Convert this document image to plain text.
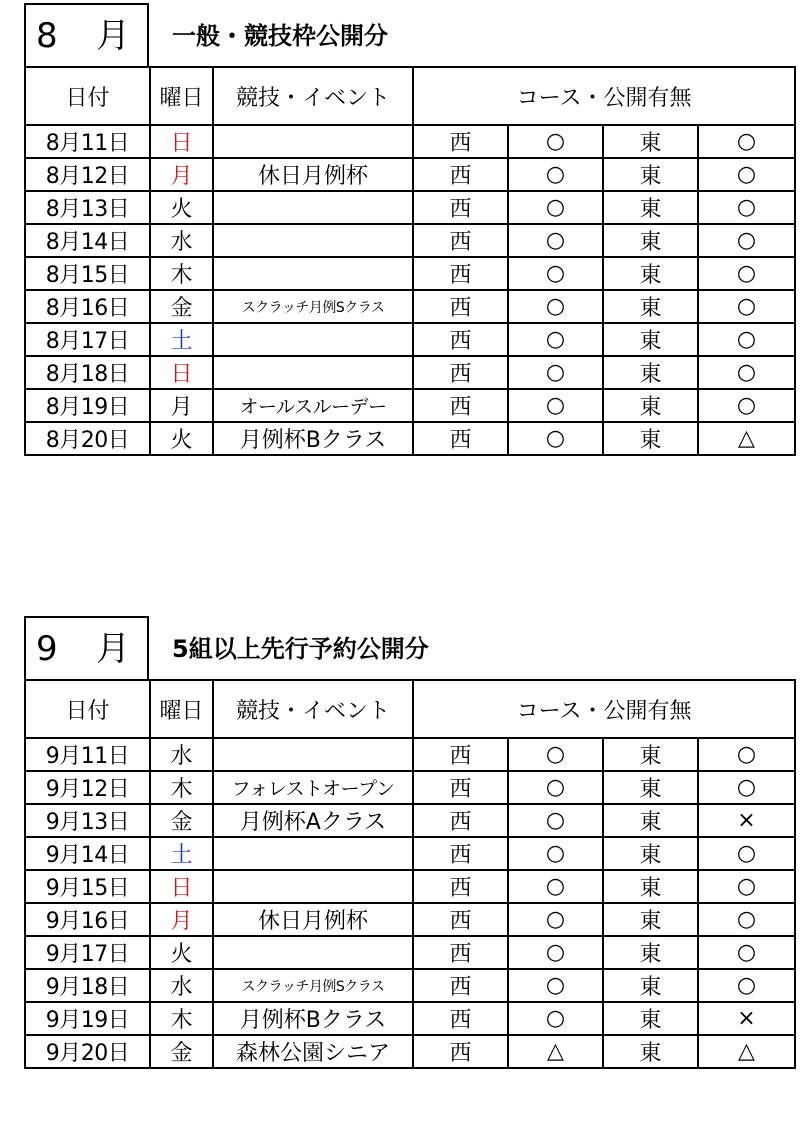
8 月	一般・競技枠公開分
日付	曜日	競技・イベント	コース・公開有無			
8月11日	日		西	○	東	○
8月12日	月	休日月例杯	西	○	東	○
8月13日	火		西	○	東	○
8月14日	水		西	○	東	○
8月15日	木		西	○	東	○
8月16日	金	スクラッチ月例Sクラス	西	○	東	○
8月17日	土		西	○	東	○
8月18日	日		西	○	東	○
8月19日	月	オールスルーデー	西	○	東	○
8月20日	火	月例杯Bクラス	西	○	東	△
9 月	5組以上先行予約公開分
日付	曜日	競技・イベント	コース・公開有無			
9月11日	水		西	○	東	○
9月12日	木	フォレストオープン	西	○	東	○
9月13日	金	月例杯Aクラス	西	○	東	×
9月14日	土		西	○	東	○
9月15日	日		西	○	東	○
9月16日	月	休日月例杯	西	○	東	○
9月17日	火		西	○	東	○
9月18日	水	スクラッチ月例Sクラス	西	○	東	○
9月19日	木	月例杯Bクラス	西	○	東	×
9月20日	金	森林公園シニア	西	△	東	△
